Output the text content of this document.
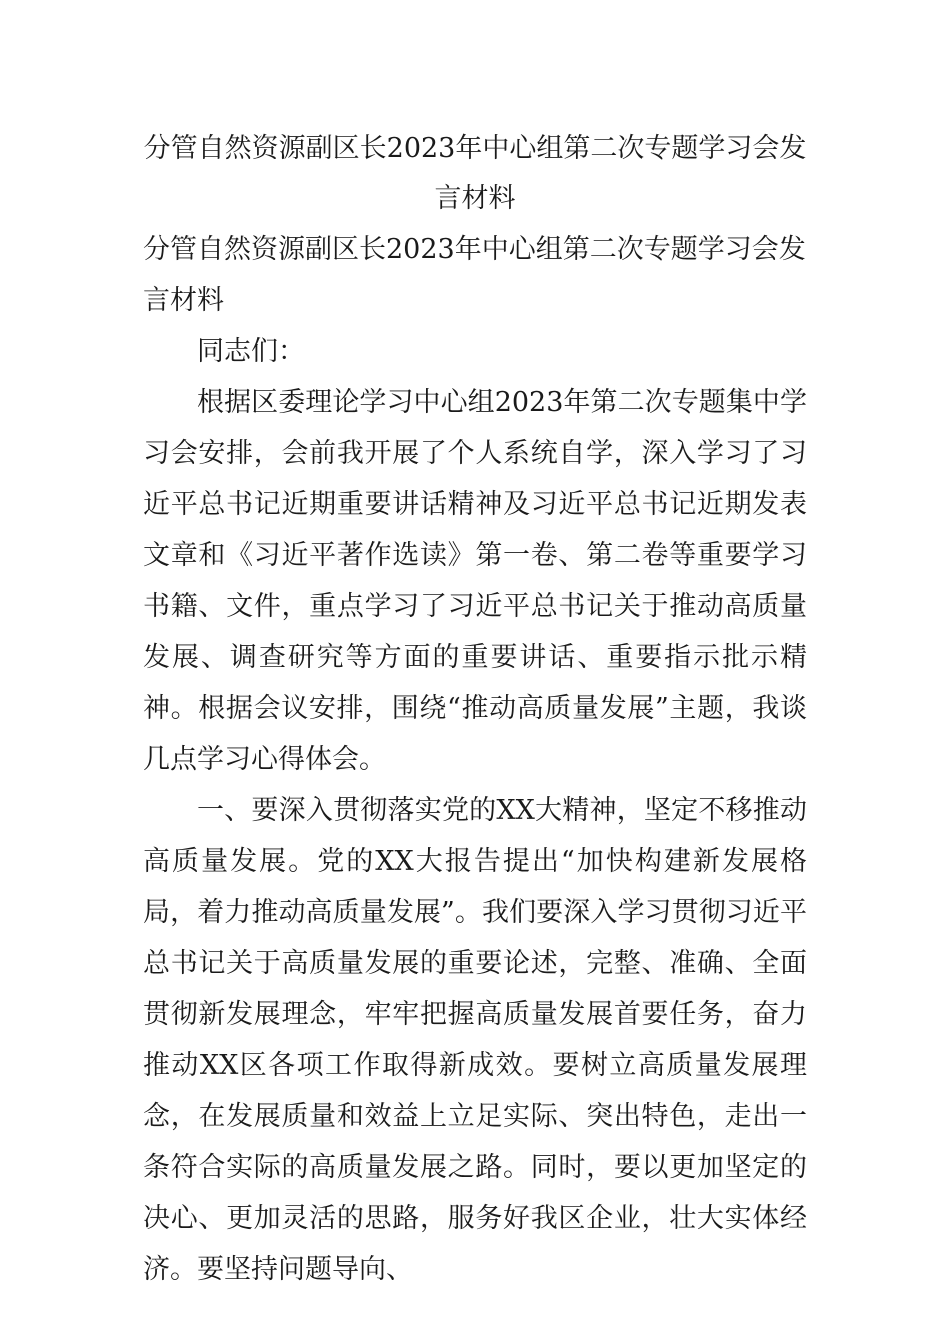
分管自然资源副区长2023年中心组第二次专题学习会发言材料

分管自然资源副区长2023年中心组第二次专题学习会发言材料

同志们：

根据区委理论学习中心组2023年第二次专题集中学习会安排，会前我开展了个人系统自学，深入学习了习近平总书记近期重要讲话精神及习近平总书记近期发表文章和《习近平著作选读》第一卷、第二卷等重要学习书籍、文件，重点学习了习近平总书记关于推动高质量发展、调查研究等方面的重要讲话、重要指示批示精神。根据会议安排，围绕“推动高质量发展”主题，我谈几点学习心得体会。

一、要深入贯彻落实党的XX大精神，坚定不移推动高质量发展。党的XX大报告提出“加快构建新发展格局，着力推动高质量发展”。我们要深入学习贯彻习近平总书记关于高质量发展的重要论述，完整、准确、全面贯彻新发展理念，牢牢把握高质量发展首要任务，奋力推动XX区各项工作取得新成效。要树立高质量发展理念，在发展质量和效益上立足实际、突出特色，走出一条符合实际的高质量发展之路。同时，要以更加坚定的决心、更加灵活的思路，服务好我区企业，壮大实体经济。要坚持问题导向、
